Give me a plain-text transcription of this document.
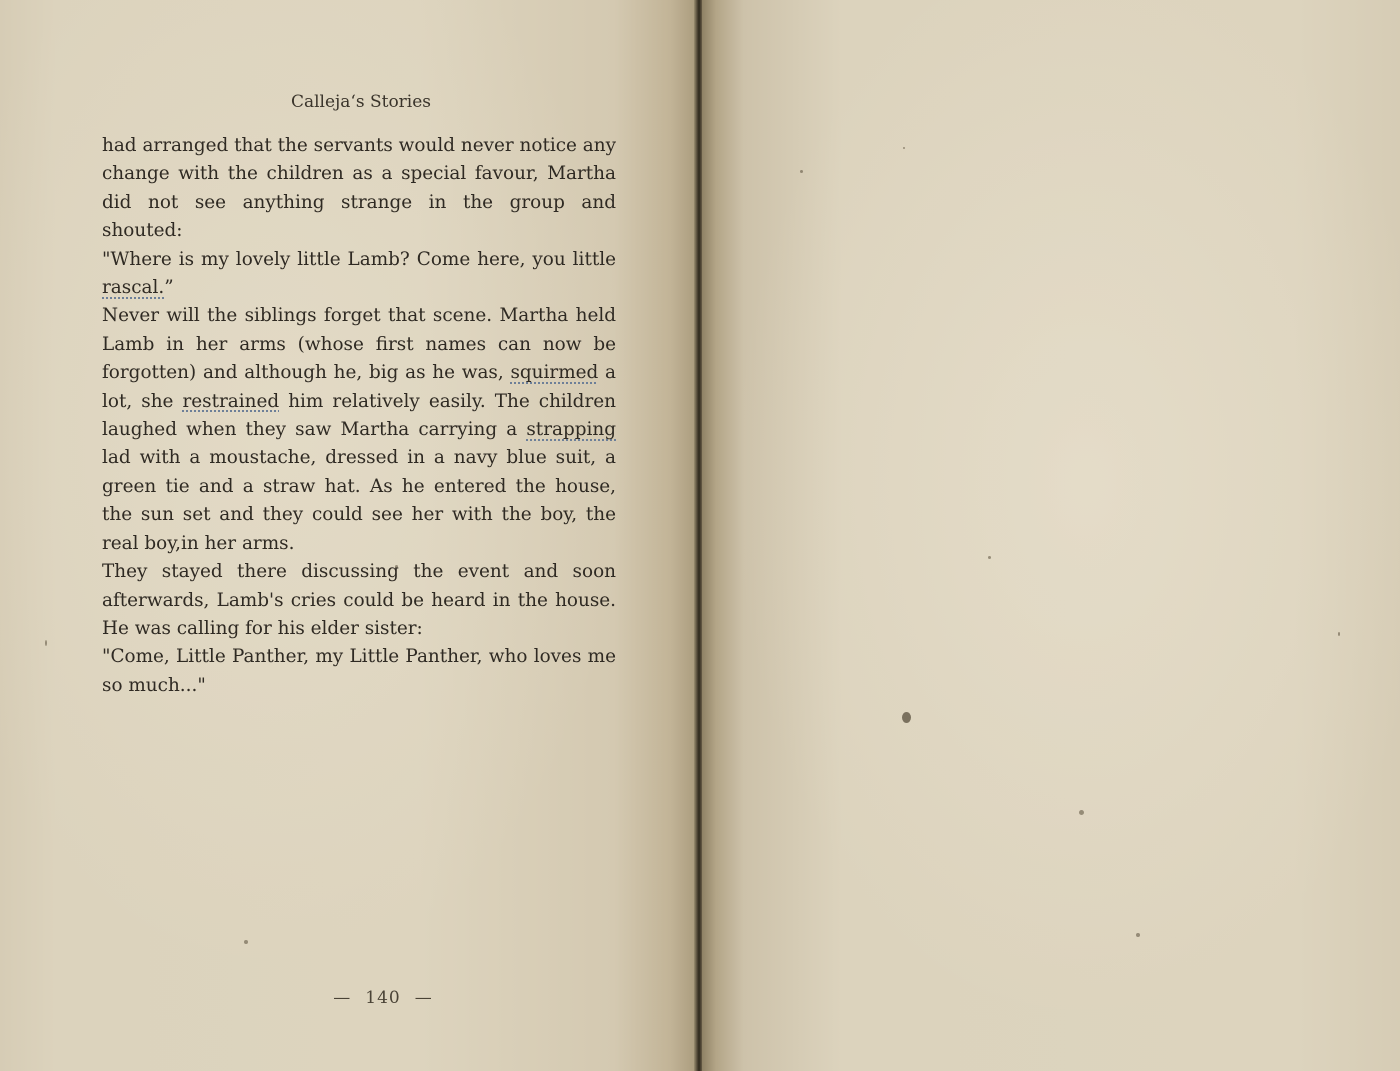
Calleja‘s Stories

had arranged that the servants would never notice any change with the children as a special favour, Martha did not see anything strange in the group and shouted:

"Where is my lovely little Lamb? Come here, you little rascal.”

Never will the siblings forget that scene. Martha held Lamb in her arms (whose first names can now be forgotten) and although he, big as he was, squirmed a lot, she restrained him relatively easily. The children laughed when they saw Martha carrying a strapping lad with a moustache, dressed in a navy blue suit, a green tie and a straw hat. As he entered the house, the sun set and they could see her with the boy, the real boy,in her arms.

They stayed there discussing the event and soon afterwards, Lamb's cries could be heard in the house. He was calling for his elder sister:

"Come, Little Panther, my Little Panther, who loves me so much..."

— 140 —
